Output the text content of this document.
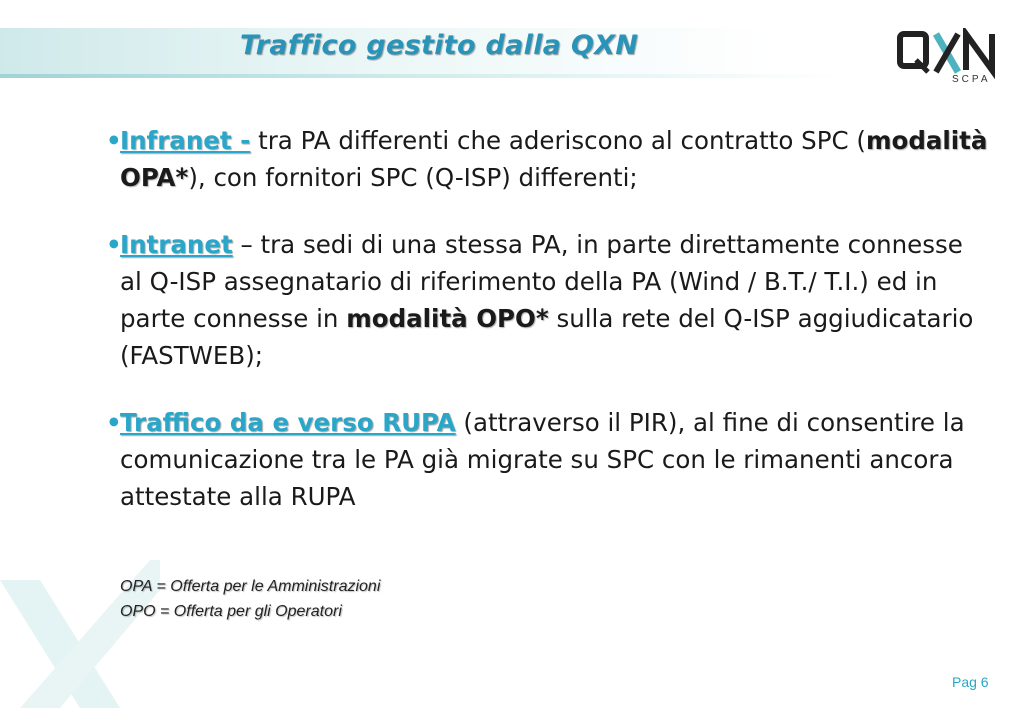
Traffico gestito dalla QXN
QXN
SCPA
•
Infranet - tra PA differenti che aderiscono al contratto SPC (modalità OPA*), con fornitori SPC (Q-ISP) differenti;
•
Intranet – tra sedi di una stessa PA, in parte direttamente connesse al Q-ISP assegnatario di riferimento della PA (Wind / B.T./ T.I.) ed in parte connesse in modalità OPO* sulla rete del Q-ISP aggiudicatario (FASTWEB);
•
Traffico da e verso RUPA (attraverso il PIR), al fine di consentire la comunicazione tra le PA già migrate su SPC con le rimanenti ancora attestate alla RUPA
OPA = Offerta per le Amministrazioni
OPO = Offerta per gli Operatori
Pag 6
